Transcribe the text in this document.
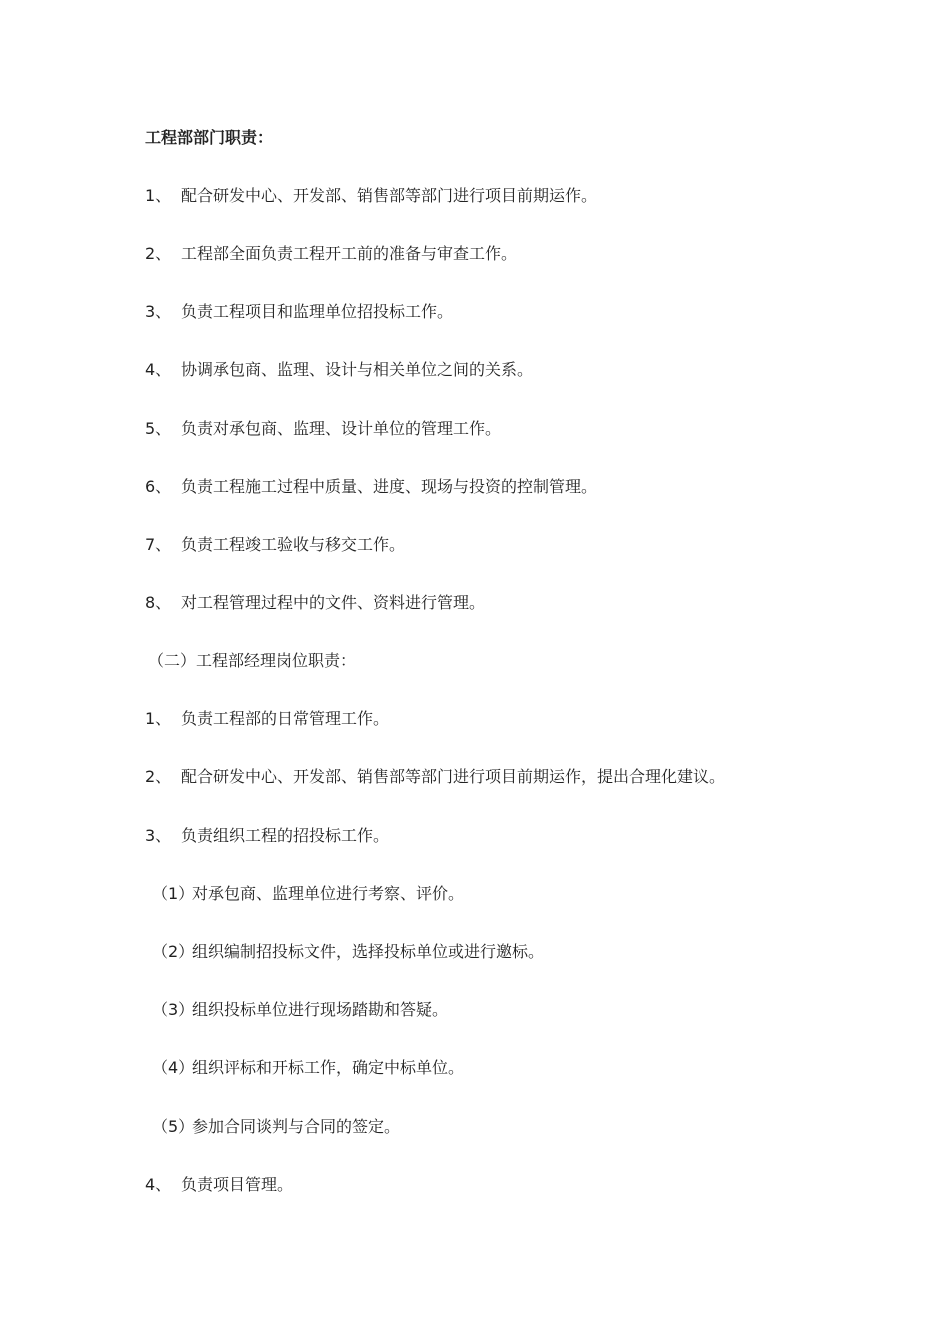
工程部部门职责：
1、 配合研发中心、开发部、销售部等部门进行项目前期运作。
2、 工程部全面负责工程开工前的准备与审查工作。
3、 负责工程项目和监理单位招投标工作。
4、 协调承包商、监理、设计与相关单位之间的关系。
5、 负责对承包商、监理、设计单位的管理工作。
6、 负责工程施工过程中质量、进度、现场与投资的控制管理。
7、 负责工程竣工验收与移交工作。
8、 对工程管理过程中的文件、资料进行管理。
（二）工程部经理岗位职责：
1、 负责工程部的日常管理工作。
2、 配合研发中心、开发部、销售部等部门进行项目前期运作，提出合理化建议。
3、 负责组织工程的招投标工作。
（1）对承包商、监理单位进行考察、评价。
（2）组织编制招投标文件，选择投标单位或进行邀标。
（3）组织投标单位进行现场踏勘和答疑。
（4）组织评标和开标工作，确定中标单位。
（5）参加合同谈判与合同的签定。
4、 负责项目管理。
